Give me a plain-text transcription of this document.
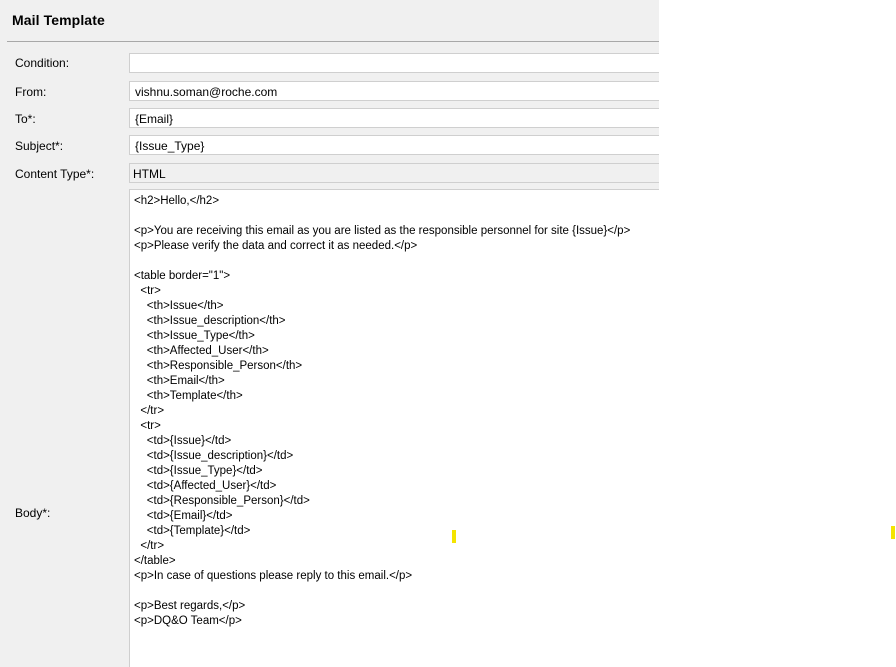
Mail Template
Condition:
From:	vishnu.soman@roche.com
To*:	{Email}
Subject*:	{Issue_Type}
Content Type*:	HTML
Body*:
<h2>Hello,</h2>
<p>You are receiving this email as you are listed as the responsible personnel for site {Issue}</p>
<p>Please verify the data and correct it as needed.</p>
<table border="1">
<tr>
<th>Issue</th>
<th>Issue_description</th>
<th>Issue_Type</th>
<th>Affected_User</th>
<th>Responsible_Person</th>
<th>Email</th>
<th>Template</th>
</tr>
<tr>
<td>{Issue}</td>
<td>{Issue_description}</td>
<td>{Issue_Type}</td>
<td>{Affected_User}</td>
<td>{Responsible_Person}</td>
<td>{Email}</td>
<td>{Template}</td>
</tr>
</table>
<p>In case of questions please reply to this email.</p>
<p>Best regards,</p>
<p>DQ&O Team</p>
